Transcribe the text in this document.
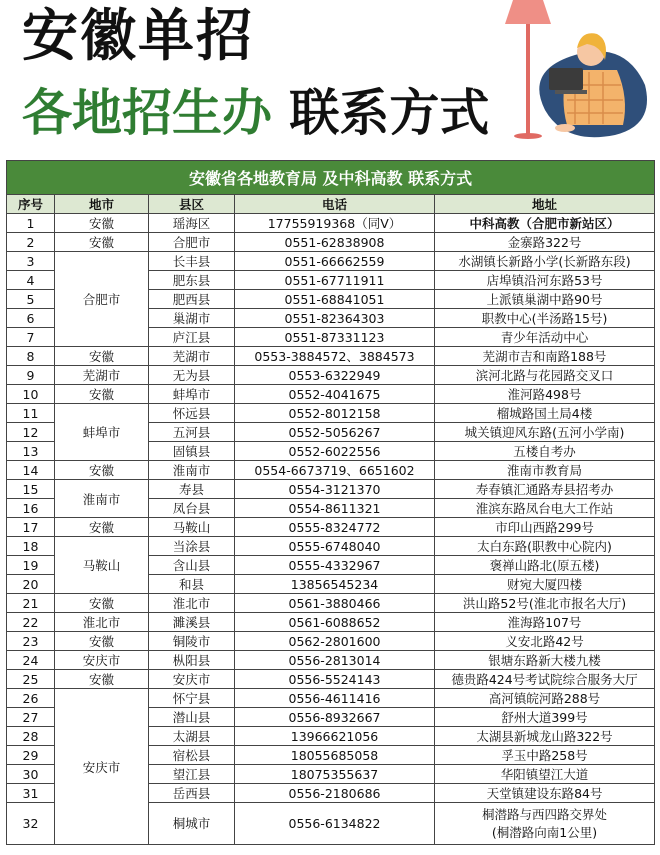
安徽单招
各地招生办 联系方式
安徽省各地教育局 及中科高教 联系方式				
序号	地市	县区	电话	地址
1	安徽	瑶海区	17755919368（同V）	中科高教（合肥市新站区）
2	安徽	合肥市	0551-62838908	金寨路322号
3	合肥市	长丰县	0551-66662559	水湖镇长新路小学(长新路东段)
4		肥东县	0551-67711911	店埠镇沿河东路53号
5		肥西县	0551-68841051	上派镇巢湖中路90号
6		巢湖市	0551-82364303	职教中心(半汤路15号)
7		庐江县	0551-87331123	青少年活动中心
8	安徽	芜湖市	0553-3884572、3884573	芜湖市吉和南路188号
9	芜湖市	无为县	0553-6322949	滨河北路与花园路交叉口
10	安徽	蚌埠市	0552-4041675	淮河路498号
11	蚌埠市	怀远县	0552-8012158	榴城路国土局4楼
12		五河县	0552-5056267	城关镇迎风东路(五河小学南)
13		固镇县	0552-6022556	五楼自考办
14	安徽	淮南市	0554-6673719、6651602	淮南市教育局
15	淮南市	寿县	0554-3121370	寿春镇汇通路寿县招考办
16		凤台县	0554-8611321	淮滨东路凤台电大工作站
17	安徽	马鞍山	0555-8324772	市印山西路299号
18	马鞍山	当涂县	0555-6748040	太白东路(职教中心院内)
19		含山县	0555-4332967	褒禅山路北(原五楼)
20		和县	13856545234	财宛大厦四楼
21	安徽	淮北市	0561-3880466	洪山路52号(淮北市报名大厅)
22	淮北市	濉溪县	0561-6088652	淮海路107号
23	安徽	铜陵市	0562-2801600	义安北路42号
24	安庆市	枞阳县	0556-2813014	银塘东路新大楼九楼
25	安徽	安庆市	0556-5524143	德贵路424号考试院综合服务大厅
26	安庆市	怀宁县	0556-4611416	高河镇皖河路288号
27		潜山县	0556-8932667	舒州大道399号
28		太湖县	13966621056	太湖县新城龙山路322号
29		宿松县	18055685058	孚玉中路258号
30		望江县	18075355637	华阳镇望江大道
31		岳西县	0556-2180686	天堂镇建设东路84号
32		桐城市	0556-6134822	桐潜路与西四路交界处
(桐潜路向南1公里)
